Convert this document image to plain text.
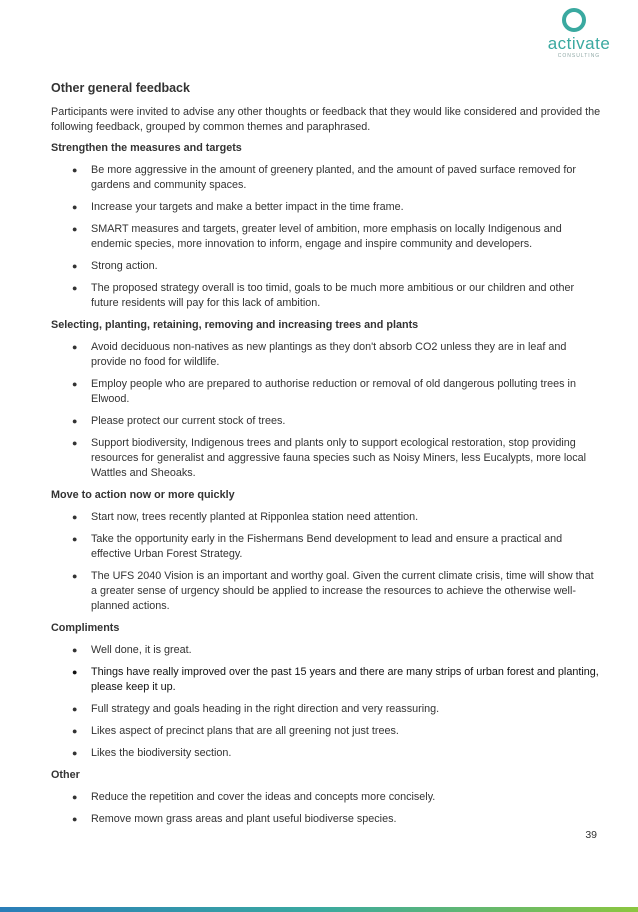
activate
CONSULTING
Other general feedback

Participants were invited to advise any other thoughts or feedback that they would like considered and provided the following feedback, grouped by common themes and paraphrased.

Strengthen the measures and targets
● Be more aggressive in the amount of greenery planted, and the amount of paved surface removed for gardens and community spaces.
● Increase your targets and make a better impact in the time frame.
● SMART measures and targets, greater level of ambition, more emphasis on locally Indigenous and endemic species, more innovation to inform, engage and inspire community and developers.
● Strong action.
● The proposed strategy overall is too timid, goals to be much more ambitious or our children and other future residents will pay for this lack of ambition.
Selecting, planting, retaining, removing and increasing trees and plants
● Avoid deciduous non-natives as new plantings as they don't absorb CO2 unless they are in leaf and provide no food for wildlife.
● Employ people who are prepared to authorise reduction or removal of old dangerous polluting trees in Elwood.
● Please protect our current stock of trees.
● Support biodiversity, Indigenous trees and plants only to support ecological restoration, stop providing resources for generalist and aggressive fauna species such as Noisy Miners, less Eucalypts, more local Wattles and Sheoaks.
Move to action now or more quickly
● Start now, trees recently planted at Ripponlea station need attention.
● Take the opportunity early in the Fishermans Bend development to lead and ensure a practical and effective Urban Forest Strategy.
● The UFS 2040 Vision is an important and worthy goal. Given the current climate crisis, time will show that a greater sense of urgency should be applied to increase the resources to achieve the otherwise well-planned actions.
Compliments
● Well done, it is great.
● Things have really improved over the past 15 years and there are many strips of urban forest and planting, please keep it up.
● Full strategy and goals heading in the right direction and very reassuring.
● Likes aspect of precinct plans that are all greening not just trees.
● Likes the biodiversity section.
Other
● Reduce the repetition and cover the ideas and concepts more concisely.
● Remove mown grass areas and plant useful biodiverse species.
39
